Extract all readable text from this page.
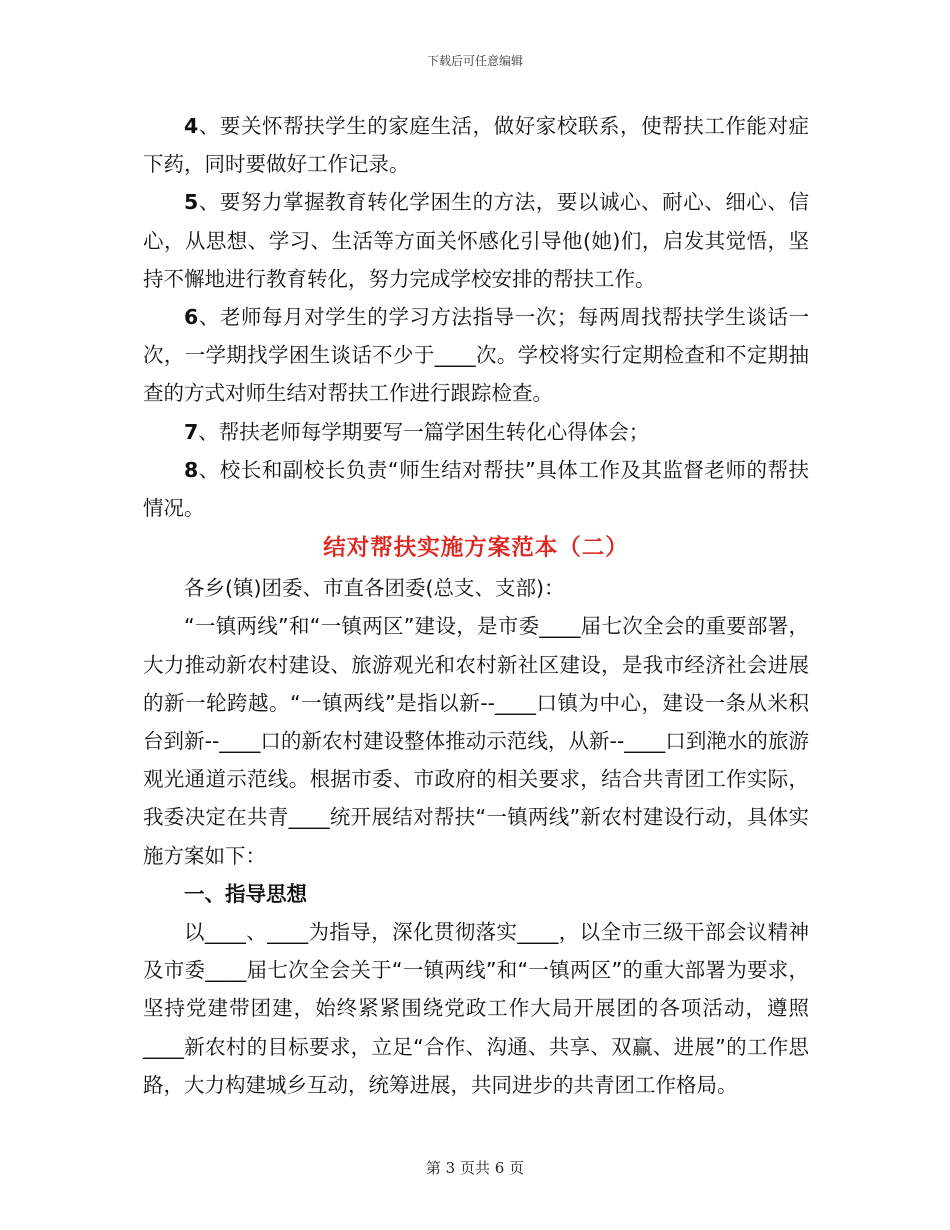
下载后可任意编辑

4、要关怀帮扶学生的家庭生活，做好家校联系，使帮扶工作能对症下药，同时要做好工作记录。

5、要努力掌握教育转化学困生的方法，要以诚心、耐心、细心、信心，从思想、学习、生活等方面关怀感化引导他(她)们，启发其觉悟，坚持不懈地进行教育转化，努力完成学校安排的帮扶工作。

6、老师每月对学生的学习方法指导一次；每两周找帮扶学生谈话一次，一学期找学困生谈话不少于____次。学校将实行定期检查和不定期抽查的方式对师生结对帮扶工作进行跟踪检查。

7、帮扶老师每学期要写一篇学困生转化心得体会；

8、校长和副校长负责“师生结对帮扶”具体工作及其监督老师的帮扶情况。

结对帮扶实施方案范本（二）

各乡(镇)团委、市直各团委(总支、支部)：

“一镇两线”和“一镇两区”建设，是市委____届七次全会的重要部署，大力推动新农村建设、旅游观光和农村新社区建设，是我市经济社会进展的新一轮跨越。“一镇两线”是指以新--____口镇为中心，建设一条从米积台到新--____口的新农村建设整体推动示范线，从新--____口到滟水的旅游观光通道示范线。根据市委、市政府的相关要求，结合共青团工作实际，我委决定在共青____统开展结对帮扶“一镇两线”新农村建设行动，具体实施方案如下：

一、指导思想

以____、____为指导，深化贯彻落实____，以全市三级干部会议精神及市委____届七次全会关于“一镇两线”和“一镇两区”的重大部署为要求，坚持党建带团建，始终紧紧围绕党政工作大局开展团的各项活动，遵照____新农村的目标要求，立足“合作、沟通、共享、双赢、进展”的工作思路，大力构建城乡互动，统筹进展，共同进步的共青团工作格局。

第 3 页共 6 页
